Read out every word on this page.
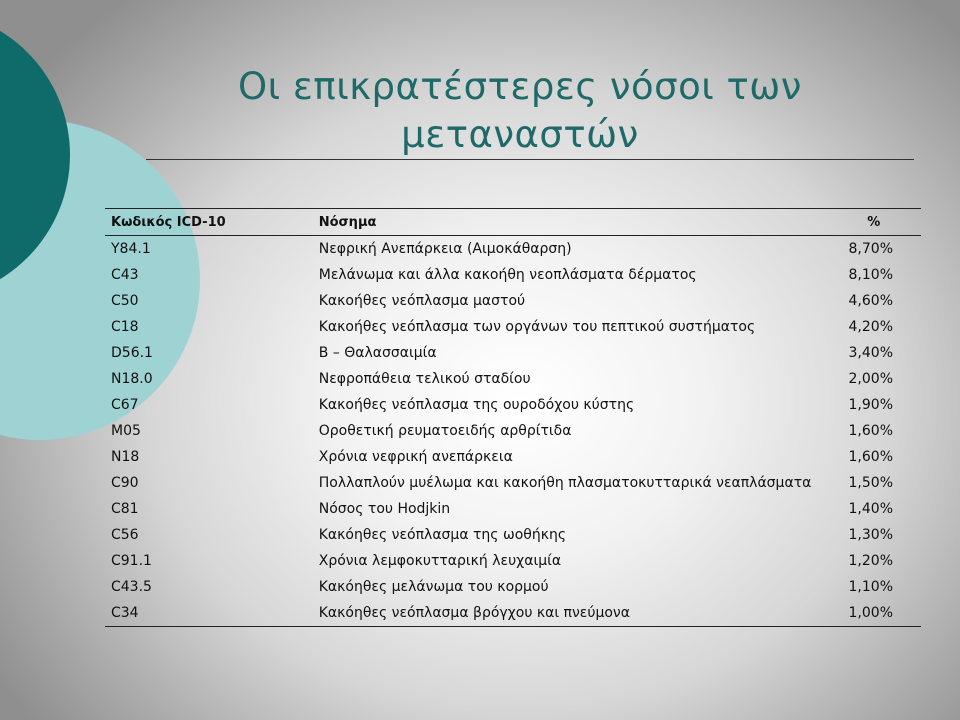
Οι επικρατέστερες νόσοι των μεταναστών
Κωδικός ICD-10	Νόσημα	%
Y84.1	Νεφρική Ανεπάρκεια (Αιμοκάθαρση)	8,70%
C43	Μελάνωμα και άλλα κακοήθη νεοπλάσματα δέρματος	8,10%
C50	Κακοήθες νεόπλασμα μαστού	4,60%
C18	Κακοήθες νεόπλασμα των οργάνων του πεπτικού συστήματος	4,20%
D56.1	Β – Θαλασσαιμία	3,40%
N18.0	Νεφροπάθεια τελικού σταδίου	2,00%
C67	Κακοήθες νεόπλασμα της ουροδόχου κύστης	1,90%
M05	Οροθετική ρευματοειδής αρθρίτιδα	1,60%
N18	Χρόνια νεφρική ανεπάρκεια	1,60%
C90	Πολλαπλούν μυέλωμα και κακοήθη πλασματοκυτταρικά νεαπλάσματα	1,50%
C81	Νόσος του Hodjkin	1,40%
C56	Κακόηθες νεόπλασμα της ωοθήκης	1,30%
C91.1	Χρόνια λεμφοκυτταρική λευχαιμία	1,20%
C43.5	Κακόηθες μελάνωμα του κορμού	1,10%
C34	Κακόηθες νεόπλασμα βρόγχου και πνεύμονα	1,00%
